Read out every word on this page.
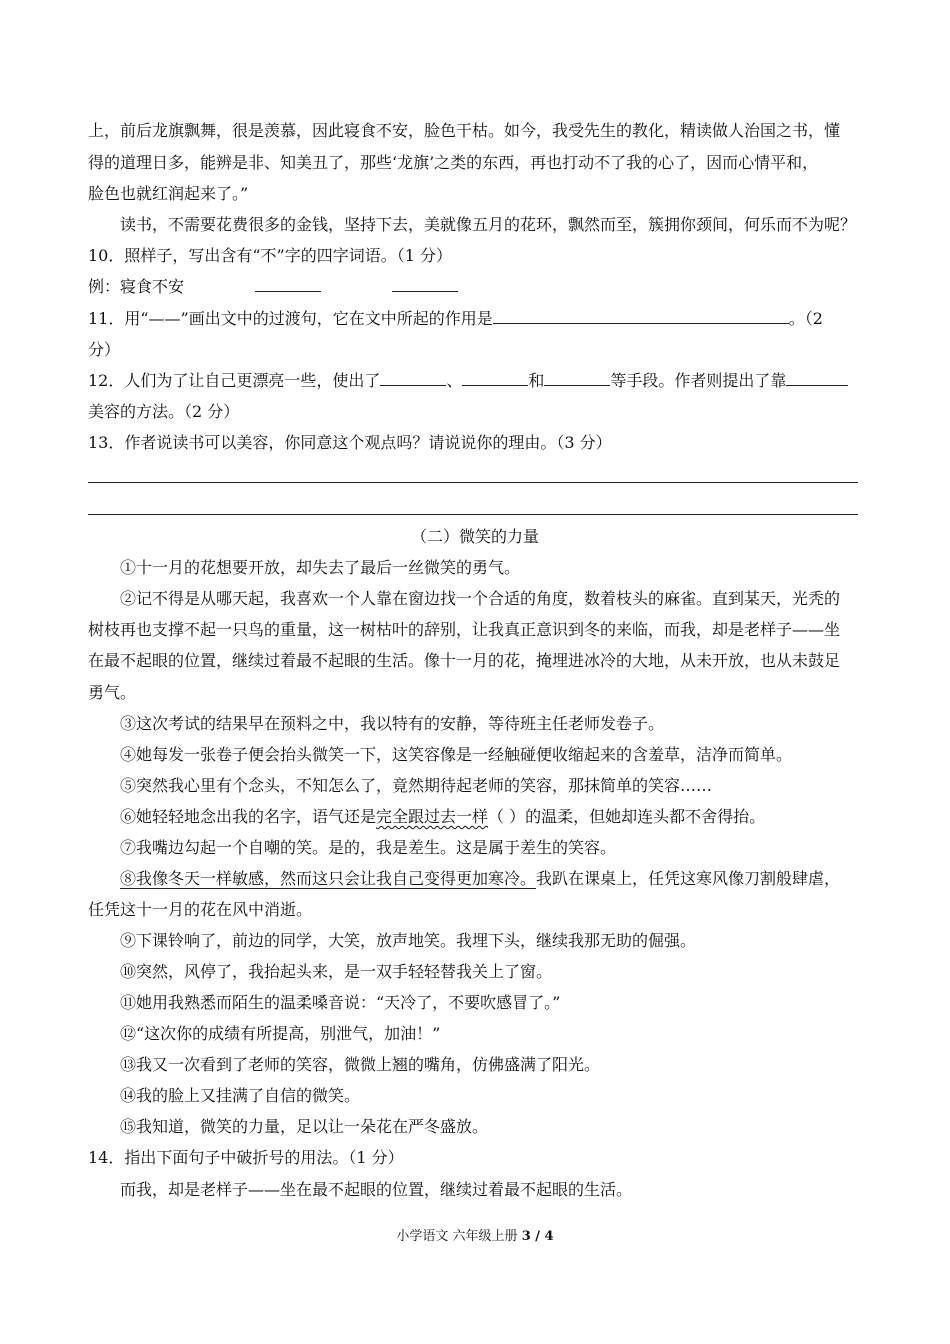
上，前后龙旗飘舞，很是羡慕，因此寝食不安，脸色干枯。如今，我受先生的教化，精读做人治国之书，懂
得的道理日多，能辨是非、知美丑了，那些‘龙旗’之类的东西，再也打动不了我的心了，因而心情平和，
脸色也就红润起来了。”
读书，不需要花费很多的金钱，坚持下去，美就像五月的花环，飘然而至，簇拥你颈间，何乐而不为呢？
10．照样子，写出含有“不”字的四字词语。（1 分）
例：寝食不安
11．用“——”画出文中的过渡句，它在文中所起的作用是	。（2
分）
12．人们为了让自己更漂亮一些，使出了	、	和	等手段。作者则提出了靠
美容的方法。（2 分）
13．作者说读书可以美容，你同意这个观点吗？请说说你的理由。（3 分）
（二）微笑的力量
①十一月的花想要开放，却失去了最后一丝微笑的勇气。
②记不得是从哪天起，我喜欢一个人靠在窗边找一个合适的角度，数着枝头的麻雀。直到某天，光秃的
树枝再也支撑不起一只鸟的重量，这一树枯叶的辞别，让我真正意识到冬的来临，而我，却是老样子——坐
在最不起眼的位置，继续过着最不起眼的生活。像十一月的花，掩埋进冰冷的大地，从未开放，也从未鼓足
勇气。
③这次考试的结果早在预料之中，我以特有的安静，等待班主任老师发卷子。
④她每发一张卷子便会抬头微笑一下，这笑容像是一经触碰便收缩起来的含羞草，洁净而简单。
⑤突然我心里有个念头，不知怎么了，竟然期待起老师的笑容，那抹简单的笑容……
⑥她轻轻地念出我的名字，语气还是完全跟过去一样（ ）的温柔，但她却连头都不舍得抬。
⑦我嘴边勾起一个自嘲的笑。是的，我是差生。这是属于差生的笑容。
⑧我像冬天一样敏感，然而这只会让我自己变得更加寒冷。我趴在课桌上，任凭这寒风像刀割般肆虐，
任凭这十一月的花在风中消逝。
⑨下课铃响了，前边的同学，大笑，放声地笑。我埋下头，继续我那无助的倔强。
⑩突然，风停了，我抬起头来，是一双手轻轻替我关上了窗。
⑪她用我熟悉而陌生的温柔嗓音说：“天冷了，不要吹感冒了。”
⑫“这次你的成绩有所提高，别泄气，加油！”
⑬我又一次看到了老师的笑容，微微上翘的嘴角，仿佛盛满了阳光。
⑭我的脸上又挂满了自信的微笑。
⑮我知道，微笑的力量，足以让一朵花在严冬盛放。
14．指出下面句子中破折号的用法。（1 分）
而我，却是老样子——坐在最不起眼的位置，继续过着最不起眼的生活。
小学语文 六年级上册 3 / 4
